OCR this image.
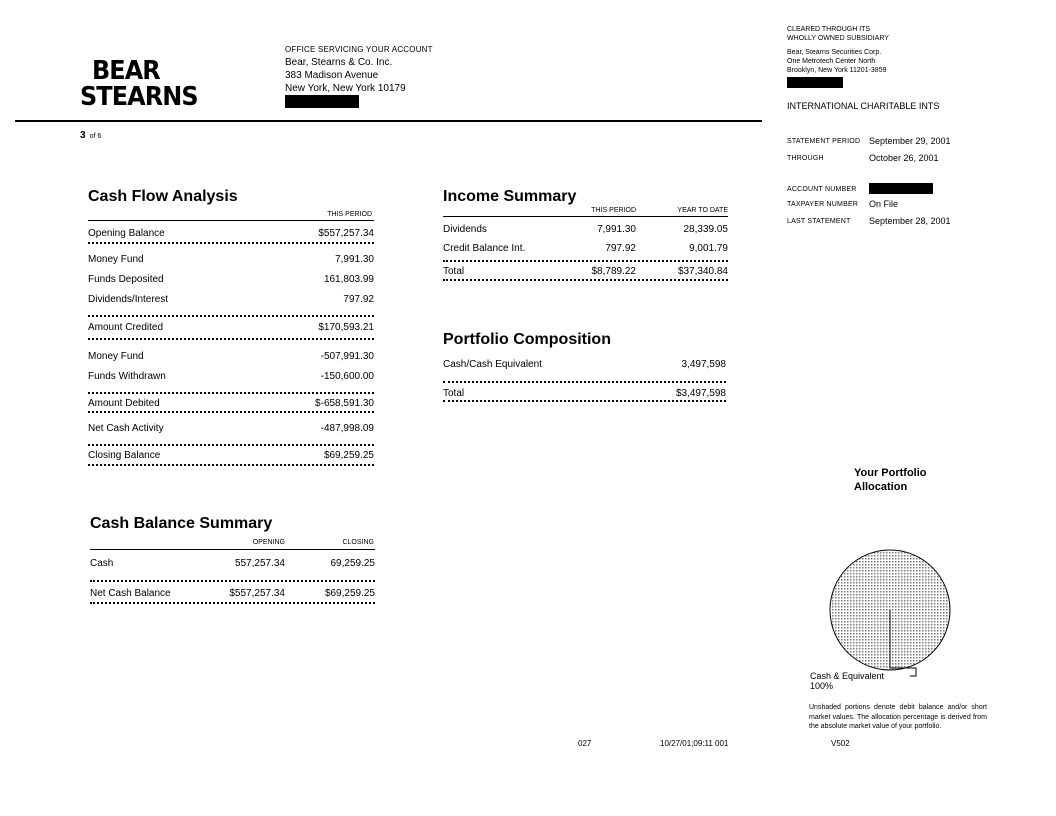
BEAR
STEARNS
OFFICE SERVICING YOUR ACCOUNT
Bear, Stearns & Co. Inc.
383 Madison Avenue
New York, New York 10179
3 of 6
CLEARED THROUGH ITS
WHOLLY OWNED SUBSIDIARY
Bear, Stearns Securities Corp.
One Metrotech Center North
Brooklyn, New York 11201-3859
INTERNATIONAL CHARITABLE INTS
STATEMENT PERIOD September 29, 2001
THROUGH	October 26, 2001
ACCOUNT NUMBER
TAXPAYER NUMBER On File
LAST STATEMENT September 28, 2001
Cash Flow Analysis
THIS PERIOD
Opening Balance	$557,257.34
Money Fund	7,991.30
Funds Deposited	161,803.99
Dividends/Interest	797.92
Amount Credited	$170,593.21
Money Fund	-507,991.30
Funds Withdrawn	-150,600.00
Amount Debited	$-658,591.30
Net Cash Activity	-487,998.09
Closing Balance	$69,259.25
Income Summary
THIS PERIOD	YEAR TO DATE
Dividends	7,991.30	28,339.05
Credit Balance Int.	797.92	9,001.79
Total	$8,789.22	$37,340.84
Portfolio Composition
Cash/Cash Equivalent	3,497,598
Total	$3,497,598
Cash Balance Summary
OPENING	CLOSING
Cash	557,257.34	69,259.25
Net Cash Balance	$557,257.34	$69,259.25
Your Portfolio
Allocation
Cash & Equivalent
100%
Unshaded portions denote debit balance and/or short market values. The allocation percentage is derived from the absolute market value of your portfolio.
027	10/27/01;09:11 001	V502
